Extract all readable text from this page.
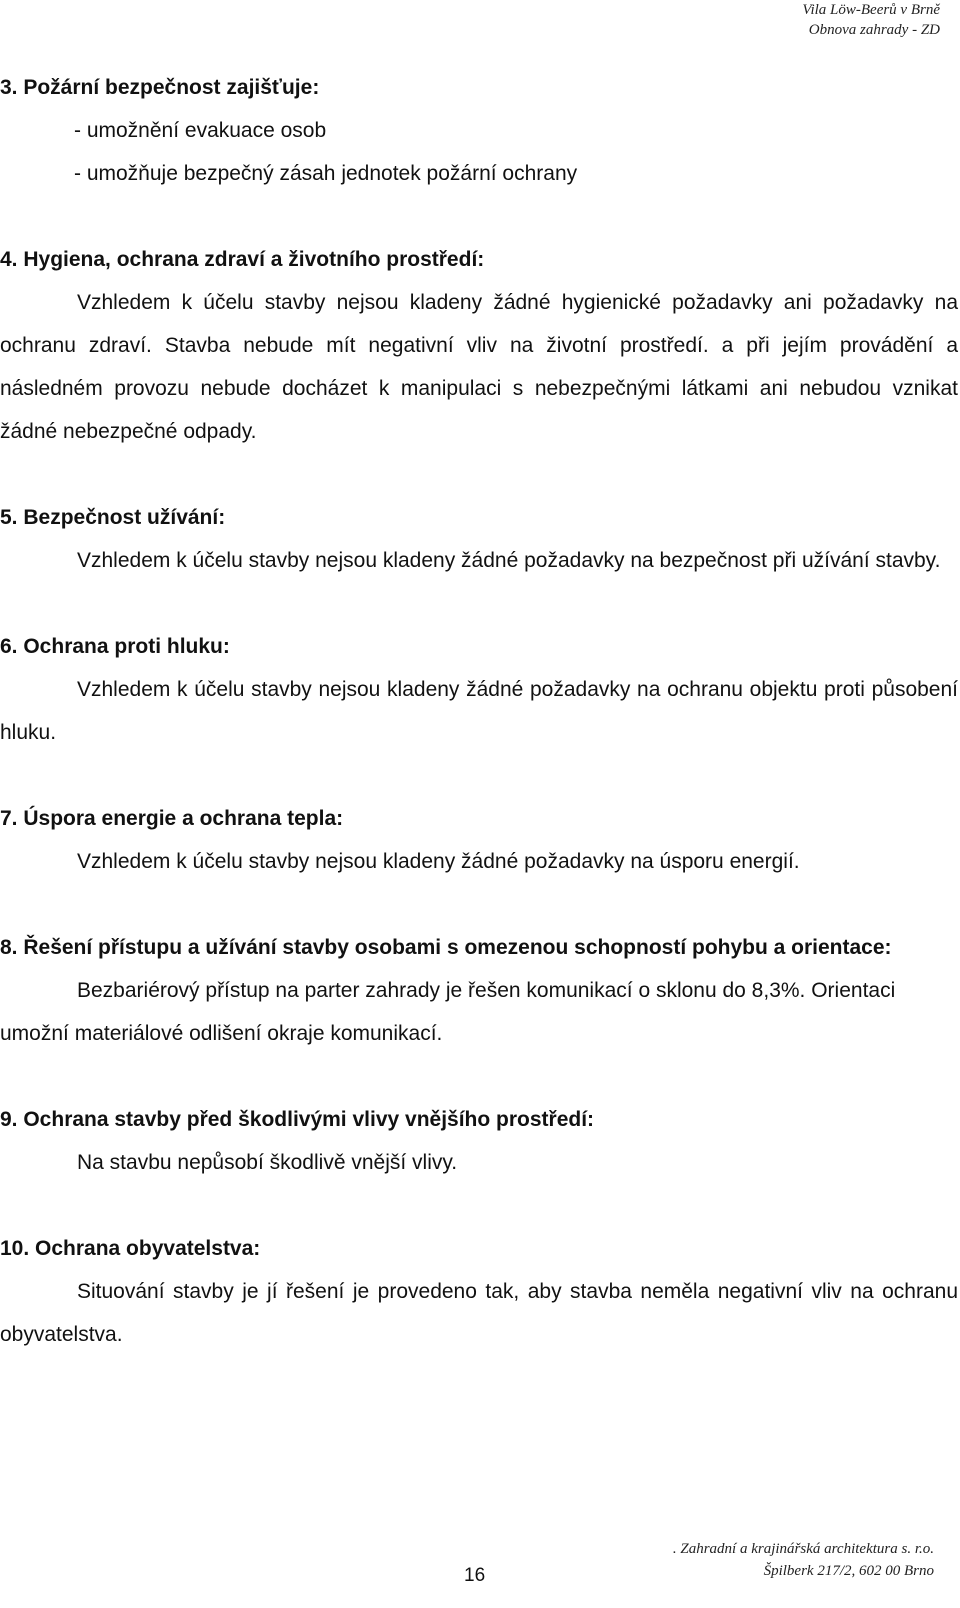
Vila Löw-Beerů v Brně
Obnova zahrady - ZD
3. Požární bezpečnost zajišťuje:
- umožnění evakuace osob
- umožňuje bezpečný zásah jednotek požární ochrany
4. Hygiena, ochrana zdraví a životního prostředí:
Vzhledem k účelu stavby nejsou kladeny žádné hygienické požadavky ani požadavky na ochranu zdraví. Stavba nebude mít negativní vliv na životní prostředí. a při jejím provádění a následném provozu nebude docházet k manipulaci s nebezpečnými látkami ani nebudou vznikat žádné nebezpečné odpady.
5. Bezpečnost užívání:
Vzhledem k účelu stavby nejsou kladeny žádné požadavky na bezpečnost při užívání stavby.
6. Ochrana proti hluku:
Vzhledem k účelu stavby nejsou kladeny žádné požadavky na ochranu objektu proti působení hluku.
7. Úspora energie a ochrana tepla:
Vzhledem k účelu stavby nejsou kladeny žádné požadavky na úsporu energií.
8. Řešení přístupu a užívání stavby osobami s omezenou schopností pohybu a orientace:
Bezbariérový přístup na parter zahrady je řešen komunikací o sklonu do 8,3%. Orientaci umožní materiálové odlišení okraje komunikací.
9. Ochrana stavby před škodlivými vlivy vnějšího prostředí:
Na stavbu nepůsobí škodlivě vnější vlivy.
10. Ochrana obyvatelstva:
Situování stavby je jí řešení je provedeno tak, aby stavba neměla negativní vliv na ochranu obyvatelstva.
16
. Zahradní a krajinářská architektura s. r.o.
Špilberk 217/2, 602 00 Brno
